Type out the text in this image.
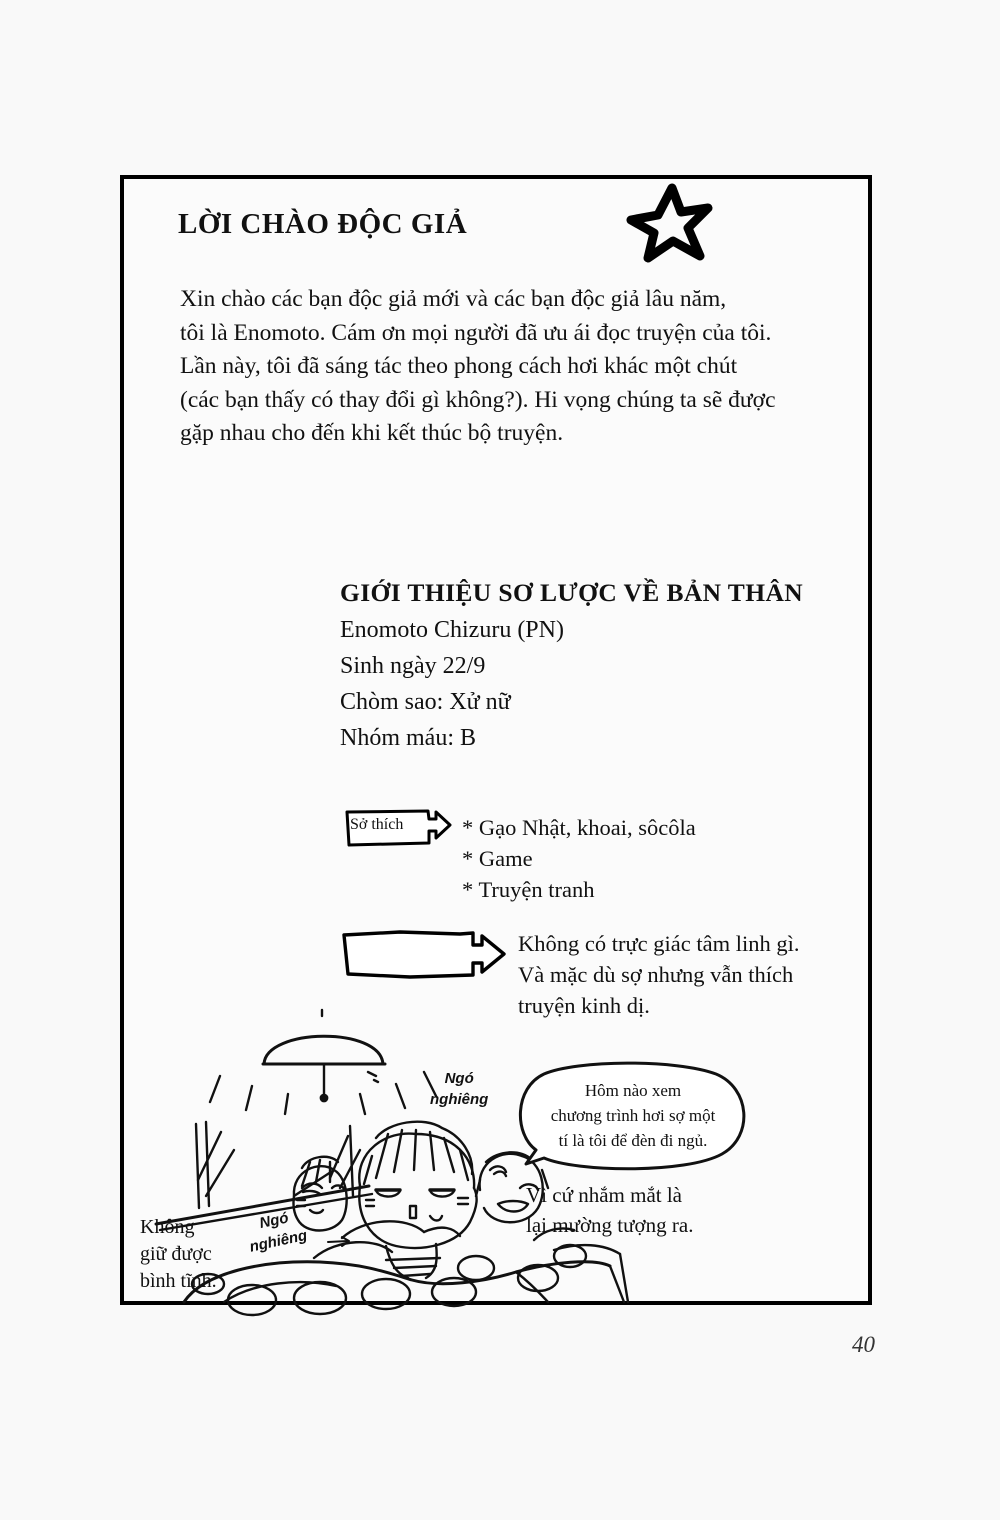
LỜI CHÀO ĐỘC GIẢ
Xin chào các bạn độc giả mới và các bạn độc giả lâu năm,
tôi là Enomoto. Cám ơn mọi người đã ưu ái đọc truyện của tôi.
Lần này, tôi đã sáng tác theo phong cách hơi khác một chút
(các bạn thấy có thay đổi gì không?). Hi vọng chúng ta sẽ được
gặp nhau cho đến khi kết thúc bộ truyện.
GIỚI THIỆU SƠ LƯỢC VỀ BẢN THÂN
Enomoto Chizuru (PN)
Sinh ngày 22/9
Chòm sao: Xử nữ
Nhóm máu: B
Sở thích	* Gạo Nhật, khoai, sôcôla
* Game
* Truyện tranh
Không có trực giác tâm linh gì.
Và mặc dù sợ nhưng vẫn thích
truyện kinh dị.
Ngó
nghiêng
Ngó
nghiêng
Không
giữ được
bình tĩnh.
Hôm nào xem
chương trình hơi sợ một
tí là tôi để đèn đi ngủ.
Vì cứ nhắm mắt là
lại mường tượng ra.
40
